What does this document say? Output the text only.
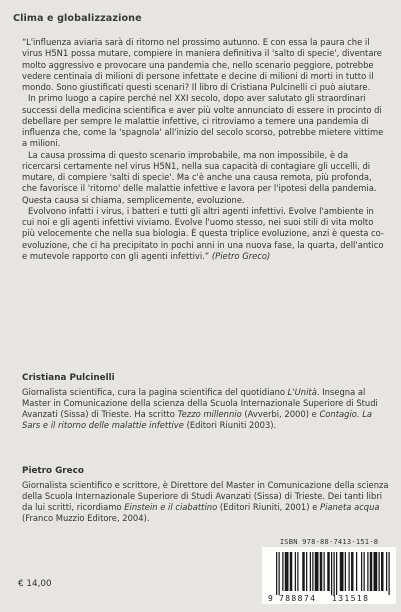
Clima e globalizzazione

“L'influenza aviaria sarà di ritorno nel prossimo autunno. E con essa la paura che il virus H5N1 possa mutare, compiere in maniera definitiva il 'salto di specie', diventare molto aggressivo e provocare una pandemia che, nello scenario peggiore, potrebbe vedere centinaia di milioni di persone infettate e decine di milioni di morti in tutto il mondo. Sono giustificati questi scenari? Il libro di Cristiana Pulcinelli ci può aiutare.

In primo luogo a capire perché nel XXI secolo, dopo aver salutato gli straordinari successi della medicina scientifica e aver più volte annunciato di essere in procinto di debellare per sempre le malattie infettive, ci ritroviamo a temere una pandemia di influenza che, come la 'spagnola' all'inizio del secolo scorso, potrebbe mietere vittime a milioni.

La causa prossima di questo scenario improbabile, ma non impossibile, è da ricercarsi certamente nel virus H5N1, nella sua capacità di contagiare gli uccelli, di mutare, di compiere 'salti di specie'. Ma c'è anche una causa remota, più profonda, che favorisce il 'ritorno' delle malattie infettive e lavora per l'ipotesi della pandemia. Questa causa si chiama, semplicemente, evoluzione.

Evolvono infatti i virus, i batteri e tutti gli altri agenti infettivi. Evolve l'ambiente in cui noi e gli agenti infettivi viviamo. Evolve l'uomo stesso, nei suoi stili di vita molto più velocemente che nella sua biologia. È questa triplice evoluzione, anzi è questa co-evoluzione, che ci ha precipitato in pochi anni in una nuova fase, la quarta, dell'antico e mutevole rapporto con gli agenti infettivi.” (Pietro Greco)

Cristiana Pulcinelli

Giornalista scientifica, cura la pagina scientifica del quotidiano L'Unità. Insegna al Master in Comunicazione della scienza della Scuola Internazionale Superiore di Studi Avanzati (Sissa) di Trieste. Ha scritto Tezzo millennio (Avverbi, 2000) e Contagio. La Sars e il ritorno delle malattie infettive (Editori Riuniti 2003).

Pietro Greco

Giornalista scientifico e scrittore, è Direttore del Master in Comunicazione della scienza della Scuola Internazionale Superiore di Studi Avanzati (Sissa) di Trieste. Dei tanti libri da lui scritti, ricordiamo Einstein e il ciabattino (Editori Riuniti, 2001) e Pianeta acqua (Franco Muzzio Editore, 2004).

ISBN 978-88-7413-151-8
9 788874 131518
€ 14,00
